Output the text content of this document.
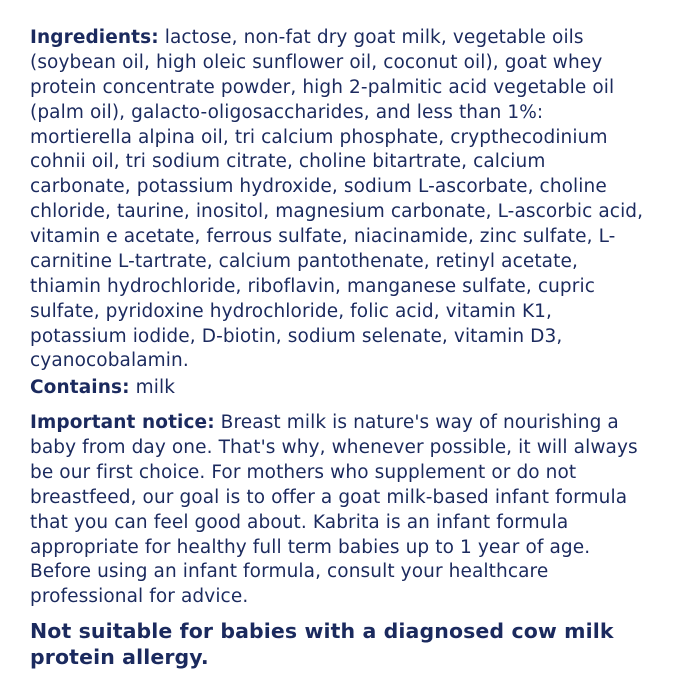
Ingredients: lactose, non-fat dry goat milk, vegetable oils (soybean oil, high oleic sunflower oil, coconut oil), goat whey protein concentrate powder, high 2-palmitic acid vegetable oil (palm oil), galacto-oligosaccharides, and less than 1%: mortierella alpina oil, tri calcium phosphate, crypthecodinium cohnii oil, tri sodium citrate, choline bitartrate, calcium carbonate, potassium hydroxide, sodium L-ascorbate, choline chloride, taurine, inositol, magnesium carbonate, L-ascorbic acid, vitamin e acetate, ferrous sulfate, niacinamide, zinc sulfate, L-carnitine L-tartrate, calcium pantothenate, retinyl acetate, thiamin hydrochloride, riboflavin, manganese sulfate, cupric sulfate, pyridoxine hydrochloride, folic acid, vitamin K1, potassium iodide, D-biotin, sodium selenate, vitamin D3, cyanocobalamin.

Contains: milk

Important notice: Breast milk is nature's way of nourishing a baby from day one. That's why, whenever possible, it will always be our first choice. For mothers who supplement or do not breastfeed, our goal is to offer a goat milk-based infant formula that you can feel good about. Kabrita is an infant formula appropriate for healthy full term babies up to 1 year of age. Before using an infant formula, consult your healthcare professional for advice.

Not suitable for babies with a diagnosed cow milk protein allergy.
